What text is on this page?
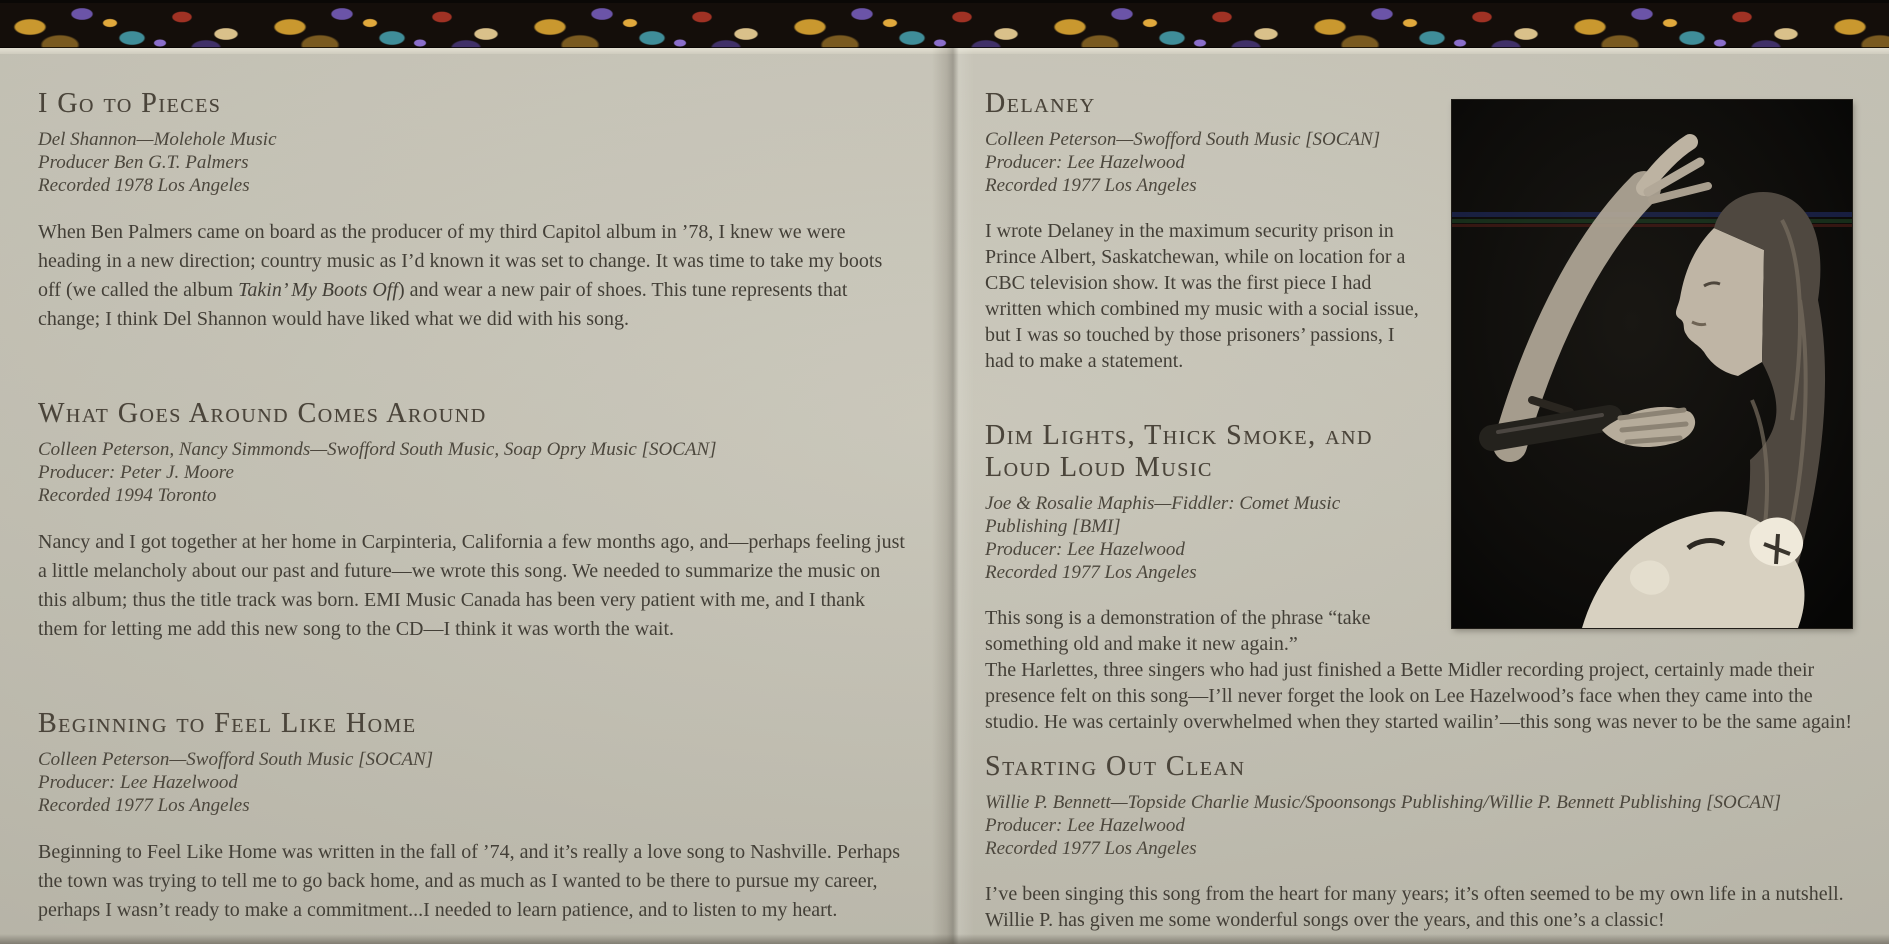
I Go to Pieces

Del Shannon—Molehole Music

Producer Ben G.T. Palmers

Recorded 1978 Los Angeles

When Ben Palmers came on board as the producer of my third Capitol album in ’78, I knew we were heading in a new direction; country music as I’d known it was set to change. It was time to take my boots off (we called the album Takin’ My Boots Off) and wear a new pair of shoes. This tune represents that change; I think Del Shannon would have liked what we did with his song.

What Goes Around Comes Around

Colleen Peterson, Nancy Simmonds—Swofford South Music, Soap Opry Music [SOCAN]

Producer: Peter J. Moore

Recorded 1994 Toronto

Nancy and I got together at her home in Carpinteria, California a few months ago, and—perhaps feeling just a little melancholy about our past and future—we wrote this song. We needed to summarize the music on this album; thus the title track was born. EMI Music Canada has been very patient with me, and I thank them for letting me add this new song to the CD—I think it was worth the wait.

Beginning to Feel Like Home

Colleen Peterson—Swofford South Music [SOCAN]

Producer: Lee Hazelwood

Recorded 1977 Los Angeles

Beginning to Feel Like Home was written in the fall of ’74, and it’s really a love song to Nashville. Perhaps the town was trying to tell me to go back home, and as much as I wanted to be there to pursue my career, perhaps I wasn’t ready to make a commitment...I needed to learn patience, and to listen to my heart.

Delaney

Colleen Peterson—Swofford South Music [SOCAN]

Producer: Lee Hazelwood

Recorded 1977 Los Angeles

I wrote Delaney in the maximum security prison in Prince Albert, Saskatchewan, while on location for a CBC television show. It was the first piece I had written which combined my music with a social issue, but I was so touched by those prisoners’ passions, I had to make a statement.

Dim Lights, Thick Smoke, and Loud Loud Music

Joe & Rosalie Maphis—Fiddler: Comet Music Publishing [BMI]

Producer: Lee Hazelwood

Recorded 1977 Los Angeles

This song is a demonstration of the phrase “take something old and make it new again.”

The Harlettes, three singers who had just finished a Bette Midler recording project, certainly made their presence felt on this song—I’ll never forget the look on Lee Hazelwood’s face when they came into the studio. He was certainly overwhelmed when they started wailin’—this song was never to be the same again!

Starting Out Clean

Willie P. Bennett—Topside Charlie Music/Spoonsongs Publishing/Willie P. Bennett Publishing [SOCAN]

Producer: Lee Hazelwood

Recorded 1977 Los Angeles

I’ve been singing this song from the heart for many years; it’s often seemed to be my own life in a nutshell. Willie P. has given me some wonderful songs over the years, and this one’s a classic!
